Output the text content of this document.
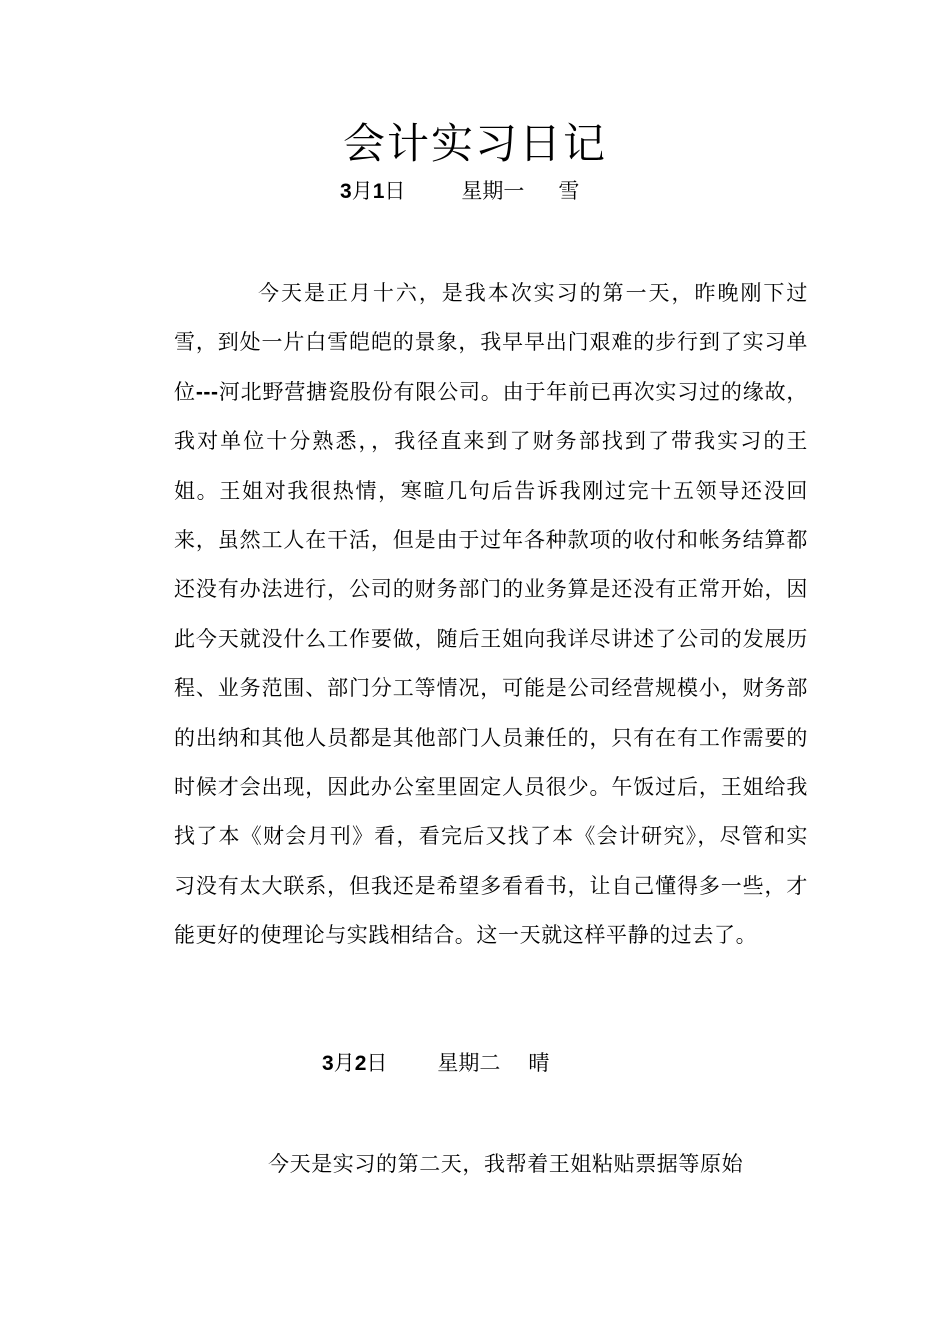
会计实习日记
3月1日	星期一 雪

今天是正月十六，是我本次实习的第一天，昨晚刚下过雪，到处一片白雪皑皑的景象，我早早出门艰难的步行到了实习单位---河北野营搪瓷股份有限公司。由于年前已再次实习过的缘故，我对单位十分熟悉，，我径直来到了财务部找到了带我实习的王姐。王姐对我很热情，寒暄几句后告诉我刚过完十五领导还没回来，虽然工人在干活，但是由于过年各种款项的收付和帐务结算都还没有办法进行，公司的财务部门的业务算是还没有正常开始，因此今天就没什么工作要做，随后王姐向我详尽讲述了公司的发展历程、业务范围、部门分工等情况，可能是公司经营规模小，财务部的出纳和其他人员都是其他部门人员兼任的，只有在有工作需要的时候才会出现，因此办公室里固定人员很少。午饭过后，王姐给我找了本《财会月刊》看，看完后又找了本《会计研究》，尽管和实习没有太大联系，但我还是希望多看看书，让自己懂得多一些，才能更好的使理论与实践相结合。这一天就这样平静的过去了。

3月2日 星期二 晴

今天是实习的第二天，我帮着王姐粘贴票据等原始
